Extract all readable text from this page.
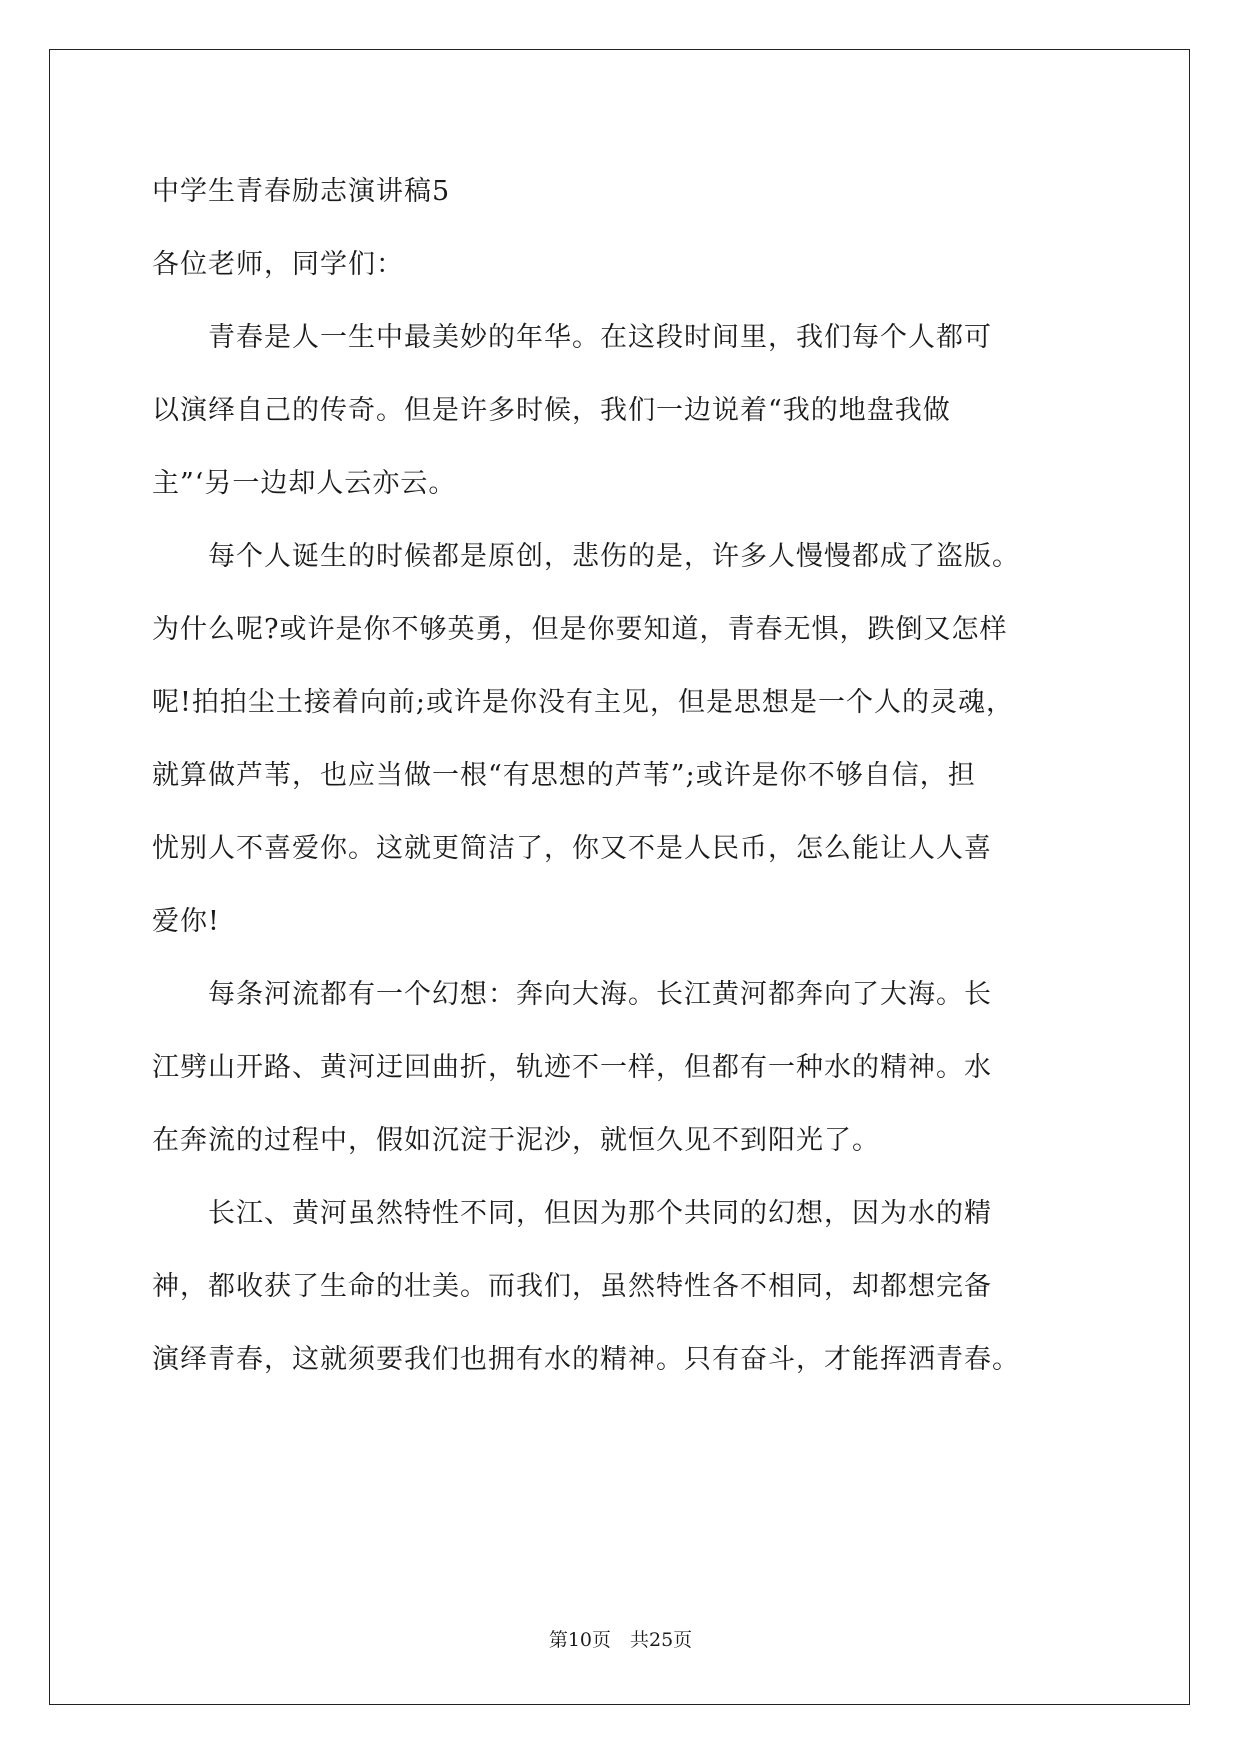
中学生青春励志演讲稿5
各位老师，同学们：
　　青春是人一生中最美妙的年华。在这段时间里，我们每个人都可
以演绎自己的传奇。但是许多时候，我们一边说着“我的地盘我做
主”‘另一边却人云亦云。
　　每个人诞生的时候都是原创，悲伤的是，许多人慢慢都成了盗版。
为什么呢?或许是你不够英勇，但是你要知道，青春无惧，跌倒又怎样
呢!拍拍尘土接着向前;或许是你没有主见，但是思想是一个人的灵魂，
就算做芦苇，也应当做一根“有思想的芦苇”;或许是你不够自信，担
忧别人不喜爱你。这就更简洁了，你又不是人民币，怎么能让人人喜
爱你!
　　每条河流都有一个幻想：奔向大海。长江黄河都奔向了大海。长
江劈山开路、黄河迂回曲折，轨迹不一样，但都有一种水的精神。水
在奔流的过程中，假如沉淀于泥沙，就恒久见不到阳光了。
　　长江、黄河虽然特性不同，但因为那个共同的幻想，因为水的精
神，都收获了生命的壮美。而我们，虽然特性各不相同，却都想完备
演绎青春，这就须要我们也拥有水的精神。只有奋斗，才能挥洒青春。
第10页　共25页
